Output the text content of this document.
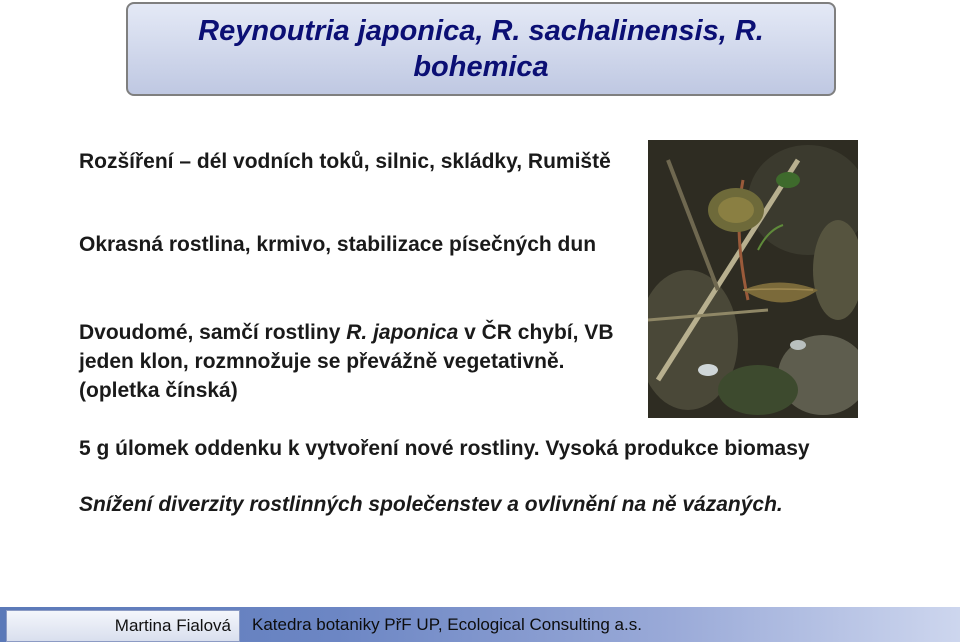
Reynoutria japonica, R. sachalinensis, R. bohemica

Rozšíření – dél vodních toků, silnic, skládky, Rumiště

Okrasná rostlina, krmivo, stabilizace písečných dun

Dvoudomé, samčí rostliny R. japonica v ČR chybí, VB jeden klon, rozmnožuje se převážně vegetativně. (opletka čínská)

5 g úlomek oddenku k vytvoření nové rostliny. Vysoká produkce biomasy

Snížení diverzity rostlinných společenstev a ovlivnění na ně vázaných.

Martina Fialová	Katedra botaniky PřF UP, Ecological Consulting a.s.
